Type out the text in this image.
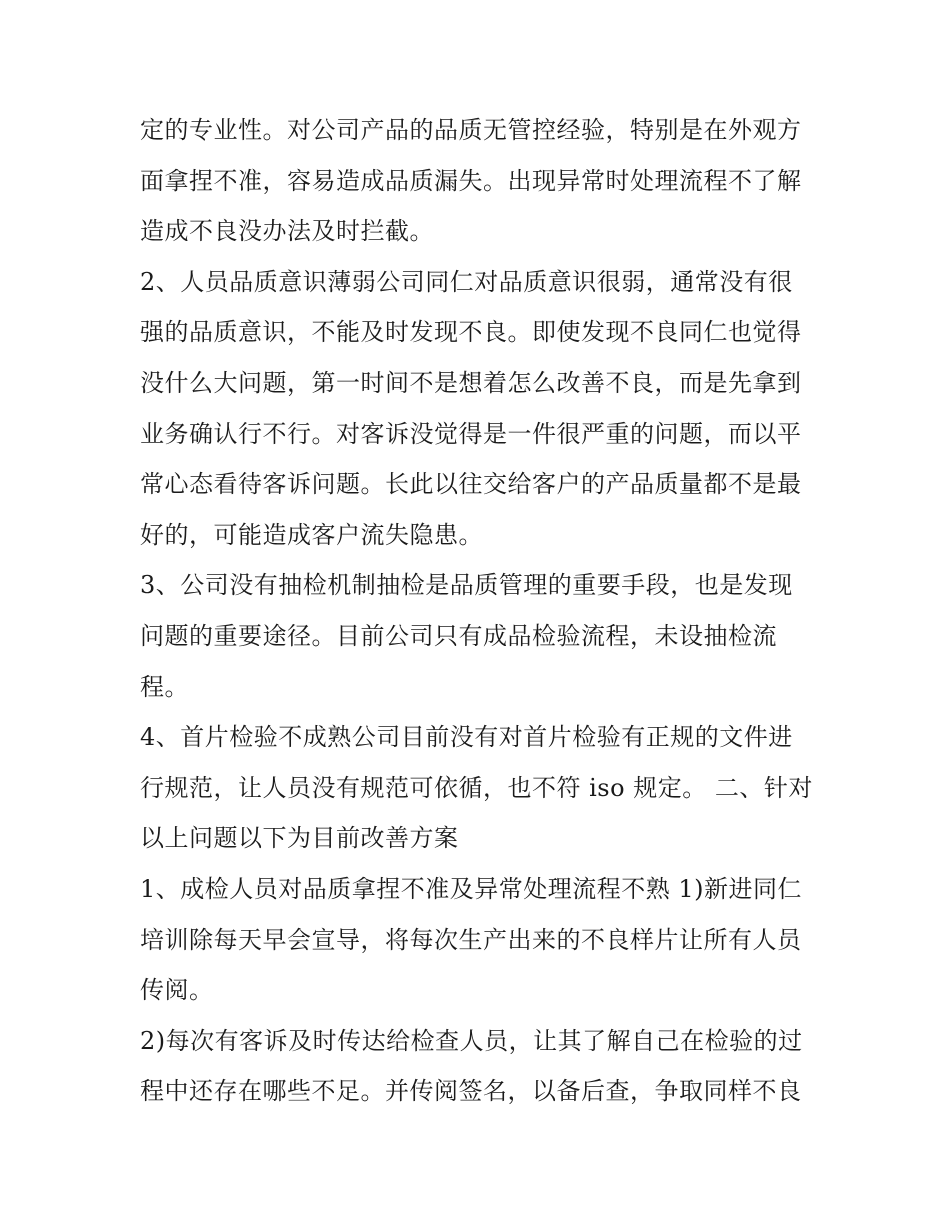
定的专业性。对公司产品的品质无管控经验，特别是在外观方
面拿捏不准，容易造成品质漏失。出现异常时处理流程不了解
造成不良没办法及时拦截。

2、人员品质意识薄弱公司同仁对品质意识很弱，通常没有很
强的品质意识，不能及时发现不良。即使发现不良同仁也觉得
没什么大问题，第一时间不是想着怎么改善不良，而是先拿到
业务确认行不行。对客诉没觉得是一件很严重的问题，而以平
常心态看待客诉问题。长此以往交给客户的产品质量都不是最
好的，可能造成客户流失隐患。

3、公司没有抽检机制抽检是品质管理的重要手段，也是发现
问题的重要途径。目前公司只有成品检验流程，未设抽检流
程。

4、首片检验不成熟公司目前没有对首片检验有正规的文件进
行规范，让人员没有规范可依循，也不符 iso 规定。 二、针对
以上问题以下为目前改善方案

1、成检人员对品质拿捏不准及异常处理流程不熟 1)新进同仁
培训除每天早会宣导，将每次生产出来的不良样片让所有人员
传阅。

2)每次有客诉及时传达给检查人员，让其了解自己在检验的过
程中还存在哪些不足。并传阅签名，以备后查，争取同样不良
